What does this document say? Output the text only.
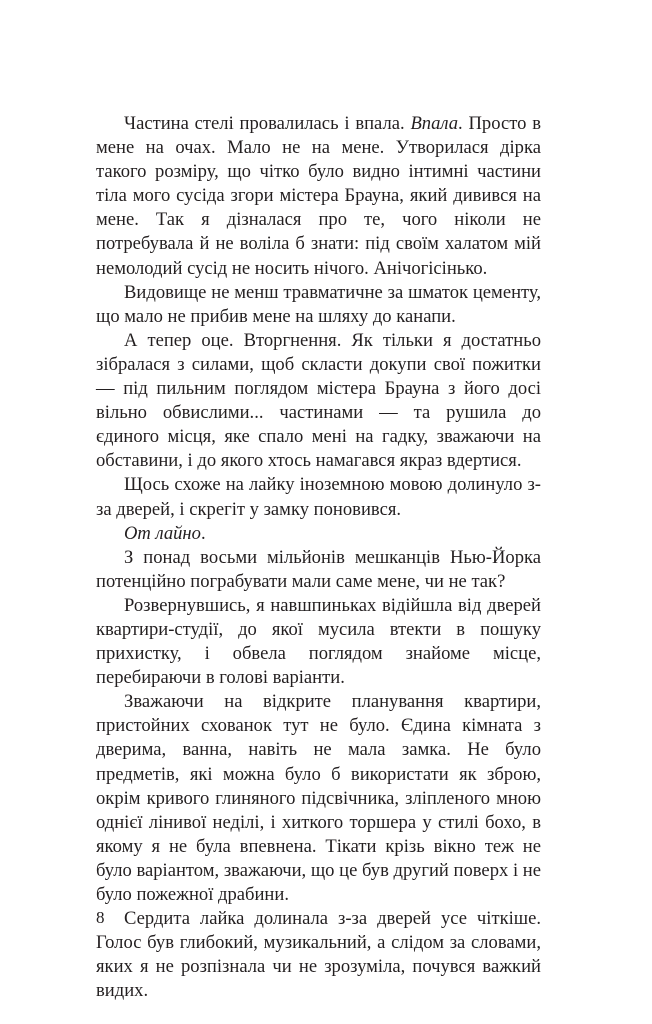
Частина стелі провалилась і впала. Впала. Просто в мене на очах. Мало не на мене. Утворилася дірка такого розміру, що чітко було видно інтимні частини тіла мого сусіда згори містера Брауна, який дивився на мене. Так я дізналася про те, чого ніколи не потребувала й не воліла б знати: під своїм халатом мій немолодий сусід не носить нічого. Анічогісінько.

Видовище не менш травматичне за шматок цементу, що мало не прибив мене на шляху до канапи.

А тепер оце. Вторгнення. Як тільки я достатньо зібралася з силами, щоб скласти докупи свої пожитки — під пильним поглядом містера Брауна з його досі вільно обвислими... частинами — та рушила до єдиного місця, яке спало мені на гадку, зважаючи на обставини, і до якого хтось намагався якраз вдертися.

Щось схоже на лайку іноземною мовою долинуло з-за дверей, і скрегіт у замку поновився.

От лайно.

З понад восьми мільйонів мешканців Нью-Йорка потенційно пограбувати мали саме мене, чи не так?

Розвернувшись, я навшпиньках відійшла від дверей квартири-студії, до якої мусила втекти в пошуку прихистку, і обвела поглядом знайоме місце, перебираючи в голові варіанти.

Зважаючи на відкрите планування квартири, пристойних схованок тут не було. Єдина кімната з дверима, ванна, навіть не мала замка. Не було предметів, які можна було б використати як зброю, окрім кривого глиняного підсвічника, зліпленого мною однієї лінивої неділі, і хиткого торшера у стилі бохо, в якому я не була впевнена. Тікати крізь вікно теж не було варіантом, зважаючи, що це був другий поверх і не було пожежної драбини.

Сердита лайка долинала з-за дверей усе чіткіше. Голос був глибокий, музикальний, а слідом за словами, яких я не розпізнала чи не зрозуміла, почувся важкий видих.

8
